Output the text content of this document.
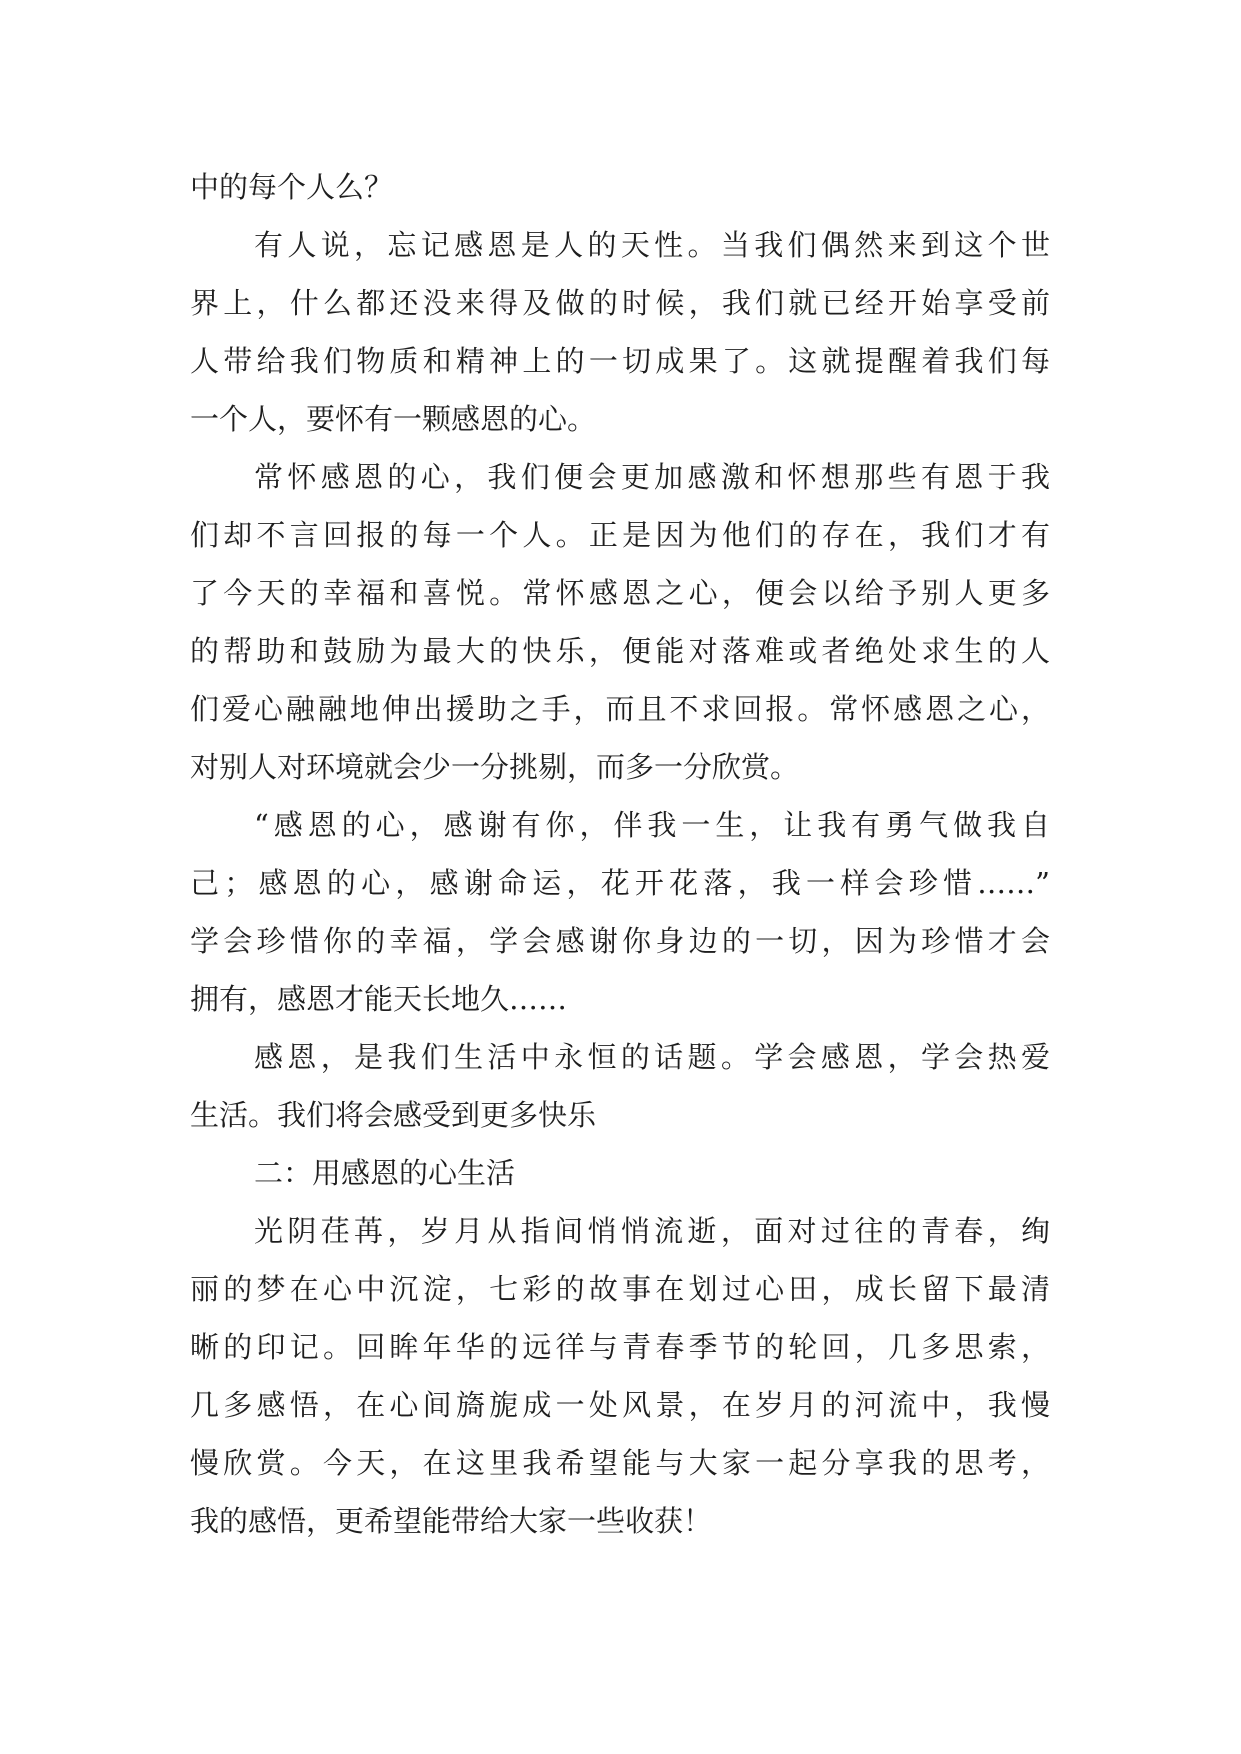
中的每个人么？
有人说，忘记感恩是人的天性。当我们偶然来到这个世
界上，什么都还没来得及做的时候，我们就已经开始享受前
人带给我们物质和精神上的一切成果了。这就提醒着我们每
一个人，要怀有一颗感恩的心。
常怀感恩的心，我们便会更加感激和怀想那些有恩于我
们却不言回报的每一个人。正是因为他们的存在，我们才有
了今天的幸福和喜悦。常怀感恩之心，便会以给予别人更多
的帮助和鼓励为最大的快乐，便能对落难或者绝处求生的人
们爱心融融地伸出援助之手，而且不求回报。常怀感恩之心，
对别人对环境就会少一分挑剔，而多一分欣赏。
“感恩的心，感谢有你，伴我一生，让我有勇气做我自
己；感恩的心，感谢命运，花开花落，我一样会珍惜……”
学会珍惜你的幸福，学会感谢你身边的一切，因为珍惜才会
拥有，感恩才能天长地久……
感恩，是我们生活中永恒的话题。学会感恩，学会热爱
生活。我们将会感受到更多快乐
二：用感恩的心生活
光阴荏苒，岁月从指间悄悄流逝，面对过往的青春，绚
丽的梦在心中沉淀，七彩的故事在划过心田，成长留下最清
晰的印记。回眸年华的远徉与青春季节的轮回，几多思索，
几多感悟，在心间旖旎成一处风景，在岁月的河流中，我慢
慢欣赏。今天，在这里我希望能与大家一起分享我的思考，
我的感悟，更希望能带给大家一些收获！
